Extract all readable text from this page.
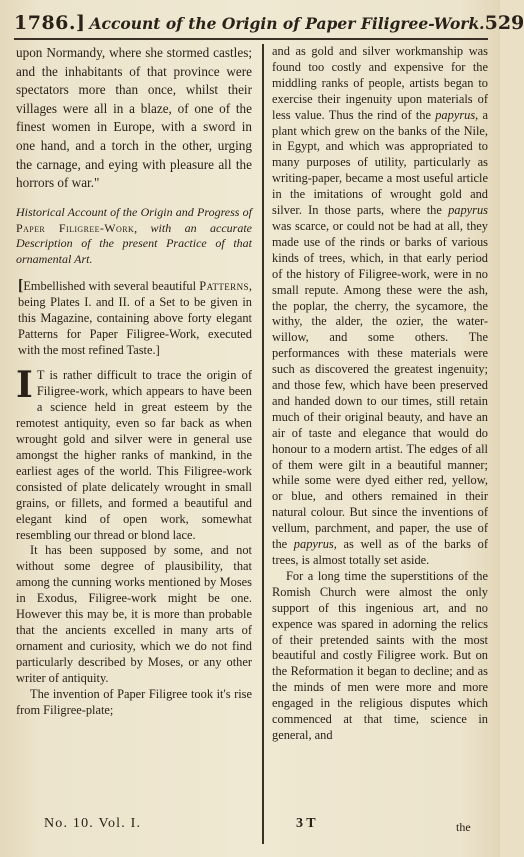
1786.] Account of the Origin of Paper Filigree-Work. 529

upon Normandy, where she stormed castles; and the inhabitants of that province were spectators more than once, whilst their villages were all in a blaze, of one of the finest women in Europe, with a sword in one hand, and a torch in the other, urging the carnage, and eying with pleasure all the horrors of war."

Historical Account of the Origin and Progress of Paper Filigree-Work, with an accurate Description of the present Practice of that ornamental Art.

[Embellished with several beautiful Patterns, being Plates I. and II. of a Set to be given in this Magazine, containing above forty elegant Patterns for Paper Filigree-Work, executed with the most refined Taste.]

I T is rather difficult to trace the origin of Filigree-work, which appears to have been a science held in great esteem by the remotest antiquity, even so far back as when wrought gold and silver were in general use amongst the higher ranks of mankind, in the earliest ages of the world. This Filigree-work consisted of plate delicately wrought in small grains, or fillets, and formed a beautiful and elegant kind of open work, somewhat resembling our thread or blond lace.

It has been supposed by some, and not without some degree of plausibility, that among the cunning works mentioned by Moses in Exodus, Filigree-work might be one. However this may be, it is more than probable that the ancients excelled in many arts of ornament and curiosity, which we do not find particularly described by Moses, or any other writer of antiquity.

The invention of Paper Filigree took it's rise from Filigree-plate;

and as gold and silver workmanship was found too costly and expensive for the middling ranks of people, artists began to exercise their ingenuity upon materials of less value. Thus the rind of the papyrus, a plant which grew on the banks of the Nile, in Egypt, and which was appropriated to many purposes of utility, particularly as writing-paper, became a most useful article in the imitations of wrought gold and silver. In those parts, where the papyrus was scarce, or could not be had at all, they made use of the rinds or barks of various kinds of trees, which, in that early period of the history of Filigree-work, were in no small repute. Among these were the ash, the poplar, the cherry, the sycamore, the withy, the alder, the ozier, the water-willow, and some others. The performances with these materials were such as discovered the greatest ingenuity; and those few, which have been preserved and handed down to our times, still retain much of their original beauty, and have an air of taste and elegance that would do honour to a modern artist. The edges of all of them were gilt in a beautiful manner; while some were dyed either red, yellow, or blue, and others remained in their natural colour. But since the inventions of vellum, parchment, and paper, the use of the papyrus, as well as of the barks of trees, is almost totally set aside.

For a long time the superstitions of the Romish Church were almost the only support of this ingenious art, and no expence was spared in adorning the relics of their pretended saints with the most beautiful and costly Filigree work. But on the Reformation it began to decline; and as the minds of men were more and more engaged in the religious disputes which commenced at that time, science in general, and

No. 10. Vol. I.	3 T	the
